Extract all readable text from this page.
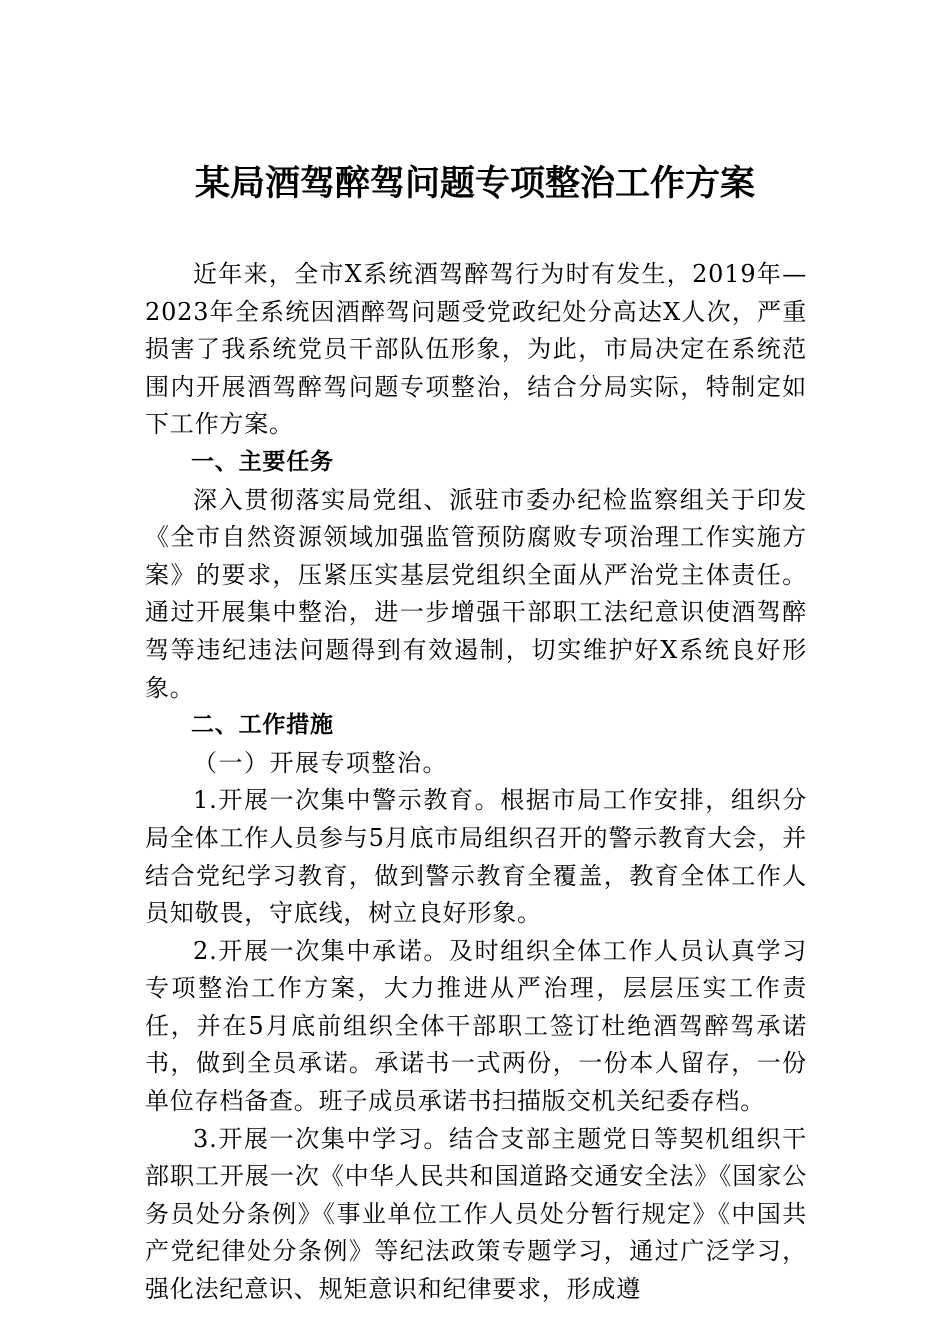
某局酒驾醉驾问题专项整治工作方案

近年来，全市X系统酒驾醉驾行为时有发生，2019年—2023年全系统因酒醉驾问题受党政纪处分高达X人次，严重损害了我系统党员干部队伍形象，为此，市局决定在系统范围内开展酒驾醉驾问题专项整治，结合分局实际，特制定如下工作方案。

一、主要任务

深入贯彻落实局党组、派驻市委办纪检监察组关于印发《全市自然资源领域加强监管预防腐败专项治理工作实施方案》的要求，压紧压实基层党组织全面从严治党主体责任。通过开展集中整治，进一步增强干部职工法纪意识使酒驾醉驾等违纪违法问题得到有效遏制，切实维护好X系统良好形象。

二、工作措施

（一）开展专项整治。

1.开展一次集中警示教育。根据市局工作安排，组织分局全体工作人员参与5月底市局组织召开的警示教育大会，并结合党纪学习教育，做到警示教育全覆盖，教育全体工作人员知敬畏，守底线，树立良好形象。

2.开展一次集中承诺。及时组织全体工作人员认真学习专项整治工作方案，大力推进从严治理，层层压实工作责任，并在5月底前组织全体干部职工签订杜绝酒驾醉驾承诺书，做到全员承诺。承诺书一式两份，一份本人留存，一份单位存档备查。班子成员承诺书扫描版交机关纪委存档。

3.开展一次集中学习。结合支部主题党日等契机组织干部职工开展一次《中华人民共和国道路交通安全法》《国家公务员处分条例》《事业单位工作人员处分暂行规定》《中国共产党纪律处分条例》等纪法政策专题学习，通过广泛学习，强化法纪意识、规矩意识和纪律要求，形成遵
